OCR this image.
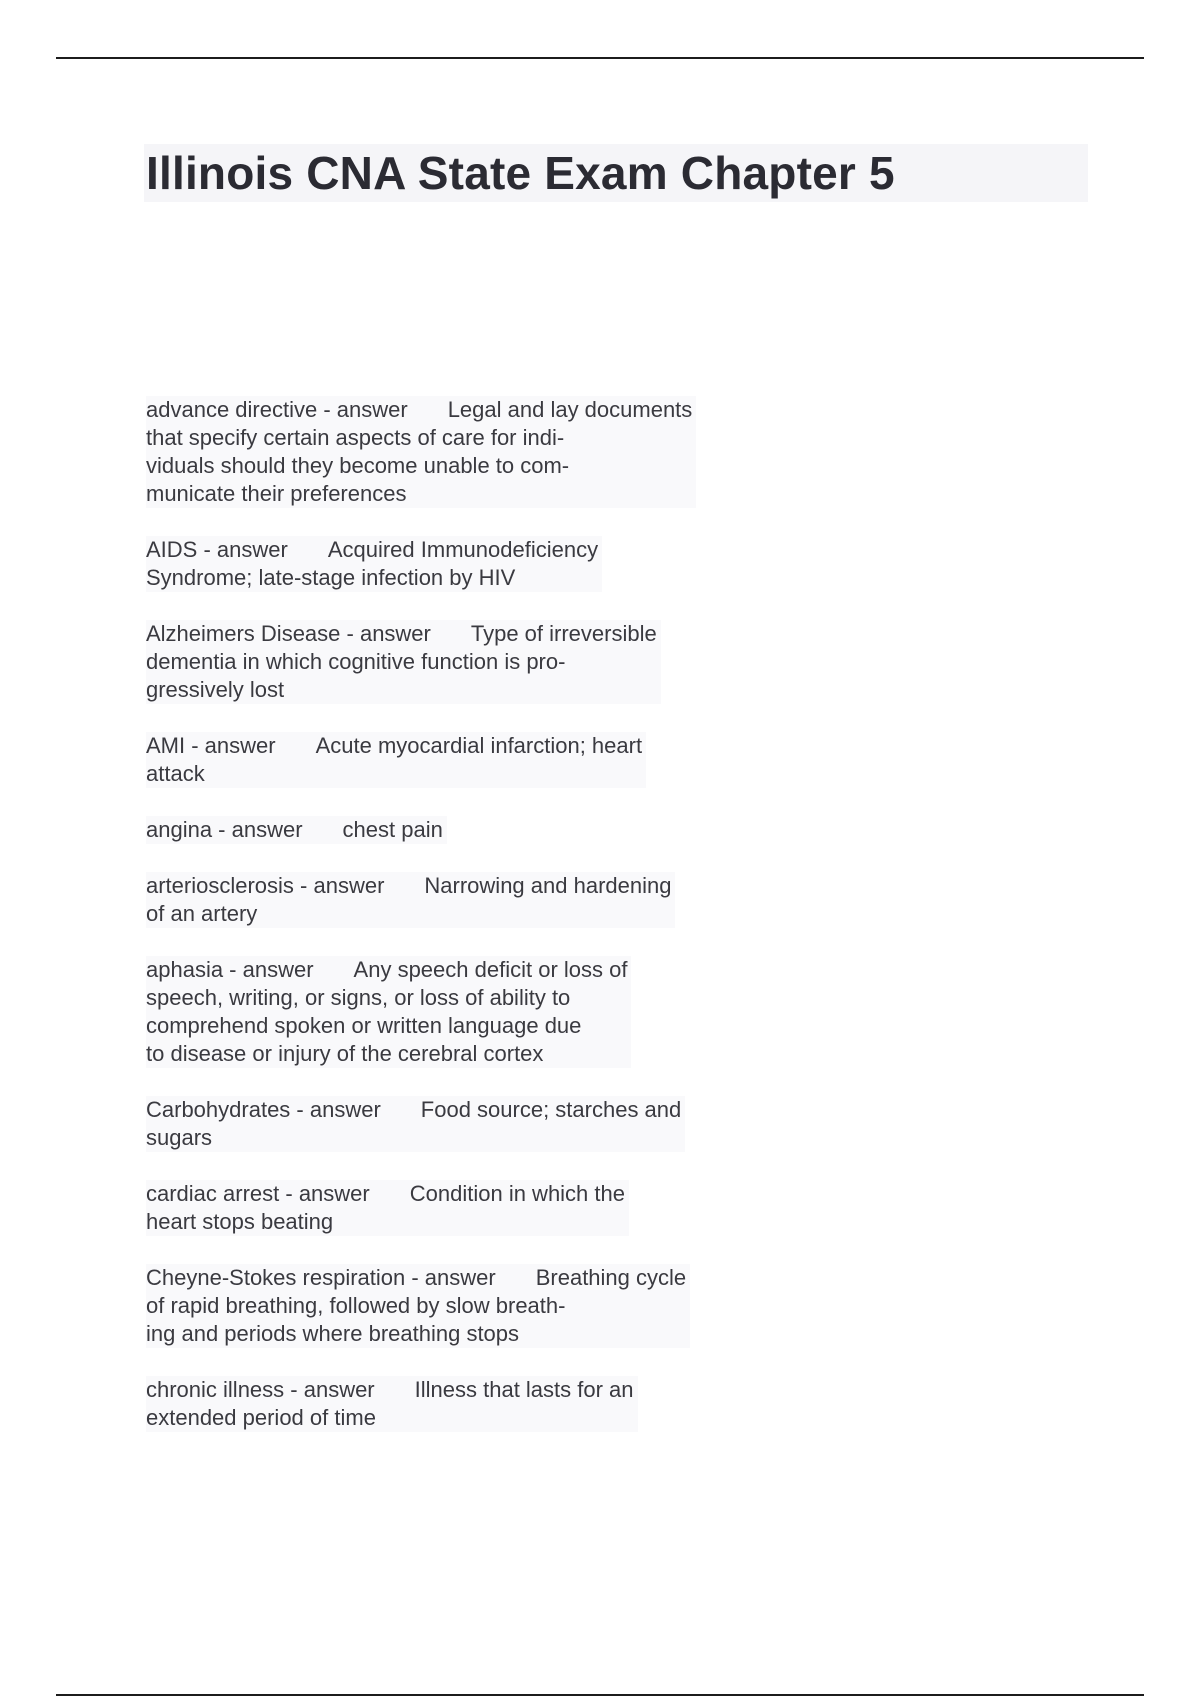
Illinois CNA State Exam Chapter 5

advance directive - answer Legal and lay documents
that specify certain aspects of care for indi-
viduals should they become unable to com-
municate their preferences

AIDS - answer Acquired Immunodeficiency
Syndrome; late-stage infection by HIV

Alzheimers Disease - answer Type of irreversible
dementia in which cognitive function is pro-
gressively lost

AMI - answer Acute myocardial infarction; heart
attack

angina - answer chest pain

arteriosclerosis - answer Narrowing and hardening
of an artery

aphasia - answer Any speech deficit or loss of
speech, writing, or signs, or loss of ability to
comprehend spoken or written language due
to disease or injury of the cerebral cortex

Carbohydrates - answer Food source; starches and
sugars

cardiac arrest - answer Condition in which the
heart stops beating

Cheyne-Stokes respiration - answer Breathing cycle
of rapid breathing, followed by slow breath-
ing and periods where breathing stops

chronic illness - answer Illness that lasts for an
extended period of time
